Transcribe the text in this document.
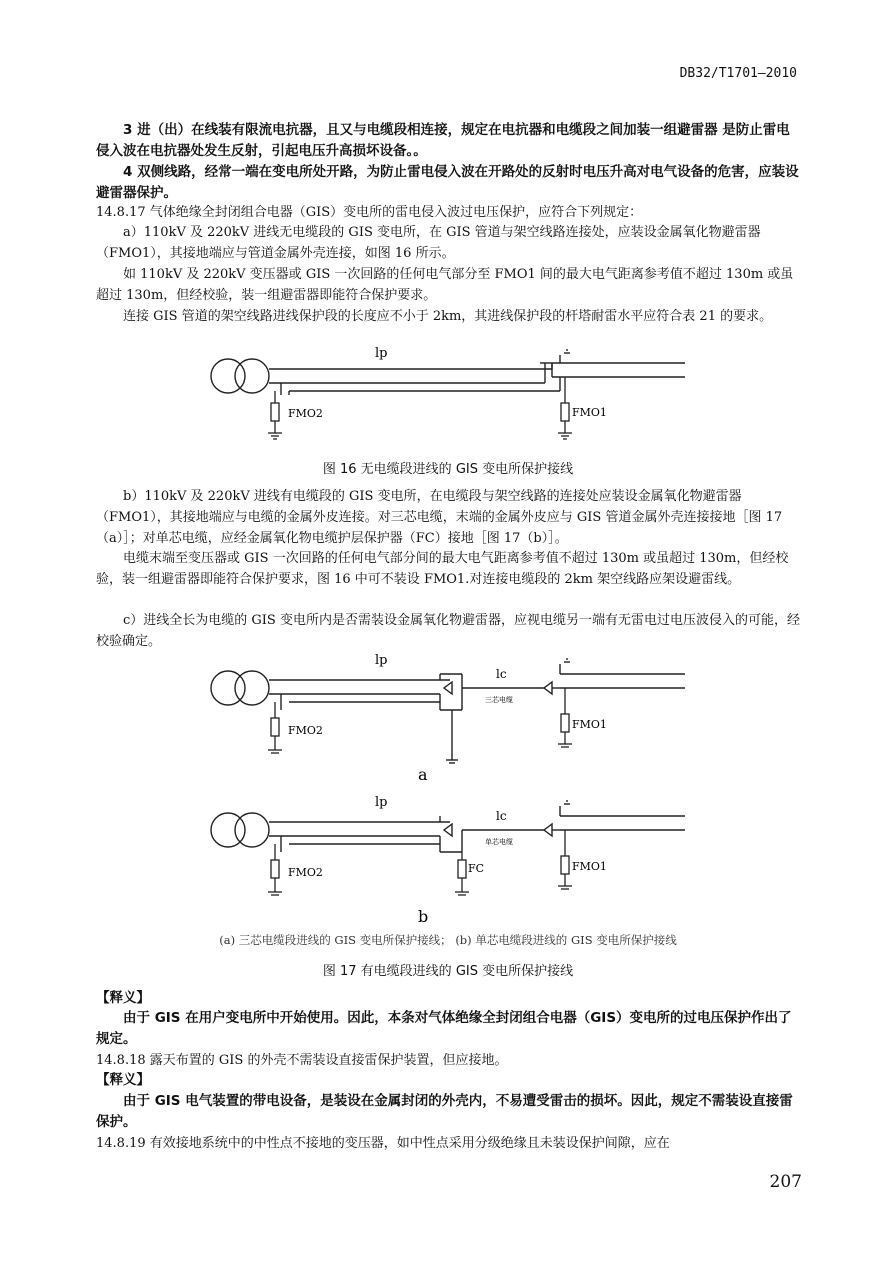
DB32/T1701—2010

3 进（出）在线装有限流电抗器，且又与电缆段相连接，规定在电抗器和电缆段之间加装一组避雷器 是防止雷电侵入波在电抗器处发生反射，引起电压升高损坏设备。。

4 双侧线路，经常一端在变电所处开路，为防止雷电侵入波在开路处的反射时电压升高对电气设备的危害，应装设避雷器保护。

14.8.17 气体绝缘全封闭组合电器（GIS）变电所的雷电侵入波过电压保护，应符合下列规定：

a）110kV 及 220kV 进线无电缆段的 GIS 变电所，在 GIS 管道与架空线路连接处，应装设金属氧化物避雷器（FMO1），其接地端应与管道金属外壳连接，如图 16 所示。

如 110kV 及 220kV 变压器或 GIS 一次回路的任何电气部分至 FMO1 间的最大电气距离参考值不超过 130m 或虽超过 130m，但经校验，装一组避雷器即能符合保护要求。

连接 GIS 管道的架空线路进线保护段的长度应不小于 2km，其进线保护段的杆塔耐雷水平应符合表 21 的要求。

lp
FMO2	FMO1
图 16 无电缆段进线的 GIS 变电所保护接线

b）110kV 及 220kV 进线有电缆段的 GIS 变电所，在电缆段与架空线路的连接处应装设金属氧化物避雷器（FMO1），其接地端应与电缆的金属外皮连接。对三芯电缆，末端的金属外皮应与 GIS 管道金属外壳连接接地［图 17（a）］；对单芯电缆，应经金属氧化物电缆护层保护器（FC）接地［图 17（b）］。

电缆末端至变压器或 GIS 一次回路的任何电气部分间的最大电气距离参考值不超过 130m 或虽超过 130m，但经校验，装一组避雷器即能符合保护要求，图 16 中可不装设 FMO1.对连接电缆段的 2km 架空线路应架设避雷线。

c）进线全长为电缆的 GIS 变电所内是否需装设金属氧化物避雷器，应视电缆另一端有无雷电过电压波侵入的可能，经校验确定。

lp
lc
三芯电缆
FMO2	FMO1
a
lp
lc
单芯电缆
FMO2	FC	FMO1
b
(a) 三芯电缆段进线的 GIS 变电所保护接线； (b) 单芯电缆段进线的 GIS 变电所保护接线
图 17 有电缆段进线的 GIS 变电所保护接线

【释义】

由于 GIS 在用户变电所中开始使用。因此，本条对气体绝缘全封闭组合电器（GIS）变电所的过电压保护作出了规定。

14.8.18 露天布置的 GIS 的外壳不需装设直接雷保护装置，但应接地。

【释义】

由于 GIS 电气装置的带电设备，是装设在金属封闭的外壳内，不易遭受雷击的损坏。因此，规定不需装设直接雷保护。

14.8.19 有效接地系统中的中性点不接地的变压器，如中性点采用分级绝缘且未装设保护间隙，应在

207
